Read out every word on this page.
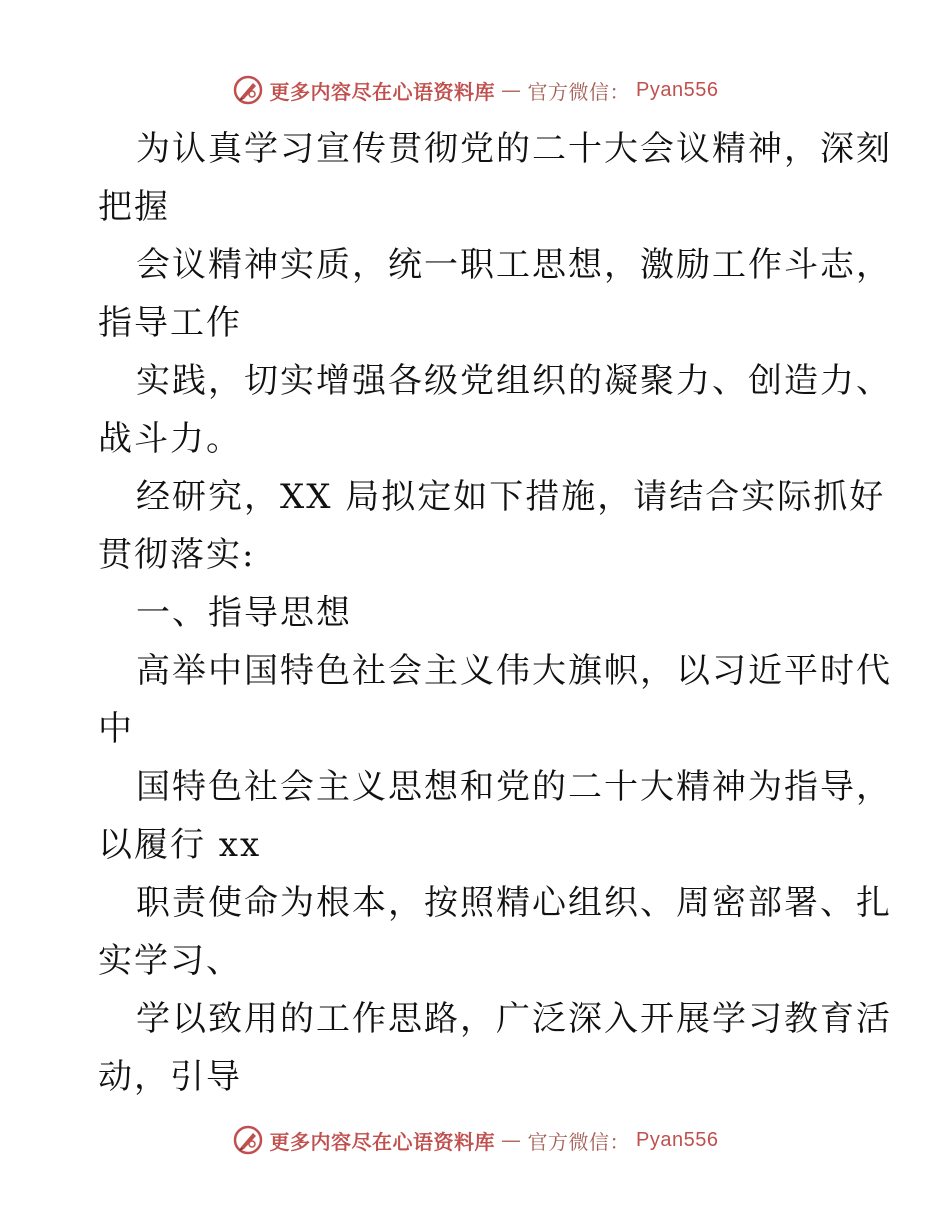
更多内容尽在心语资料库 — 官方微信： Pyan556
为认真学习宣传贯彻党的二十大会议精神，深刻
把握
会议精神实质，统一职工思想，激励工作斗志，
指导工作
实践，切实增强各级党组织的凝聚力、创造力、
战斗力。
经研究，XX 局拟定如下措施，请结合实际抓好
贯彻落实:
一、指导思想
高举中国特色社会主义伟大旗帜，以习近平时代
中
国特色社会主义思想和党的二十大精神为指导，
以履行 xx
职责使命为根本，按照精心组织、周密部署、扎
实学习、
学以致用的工作思路，广泛深入开展学习教育活
动，引导
更多内容尽在心语资料库 — 官方微信： Pyan556
